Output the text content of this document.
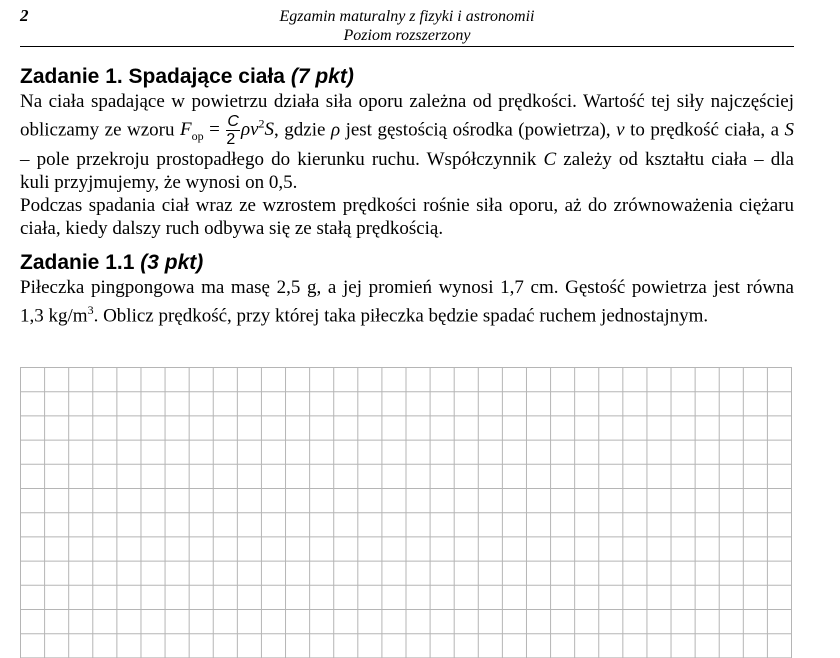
2	Egzamin maturalny z fizyki i astronomii
Poziom rozszerzony
Zadanie 1. Spadające ciała (7 pkt)

Na ciała spadające w powietrzu działa siła oporu zależna od prędkości. Wartość tej siły najczęściej obliczamy ze wzoru $F_{op} = \frac{C}{2} \rho v^2S$, gdzie ρ jest gęstością ośrodka (powietrza), v to prędkość ciała, a S – pole przekroju prostopadłego do kierunku ruchu. Współczynnik C zależy od kształtu ciała – dla kuli przyjmujemy, że wynosi on 0,5.

Podczas spadania ciał wraz ze wzrostem prędkości rośnie siła oporu, aż do zrównoważenia ciężaru ciała, kiedy dalszy ruch odbywa się ze stałą prędkością.

Zadanie 1.1 (3 pkt)

Piłeczka pingpongowa ma masę 2,5 g, a jej promień wynosi 1,7 cm. Gęstość powietrza jest równa 1,3 $kg/m^3$. Oblicz prędkość, przy której taka piłeczka będzie spadać ruchem jednostajnym.
